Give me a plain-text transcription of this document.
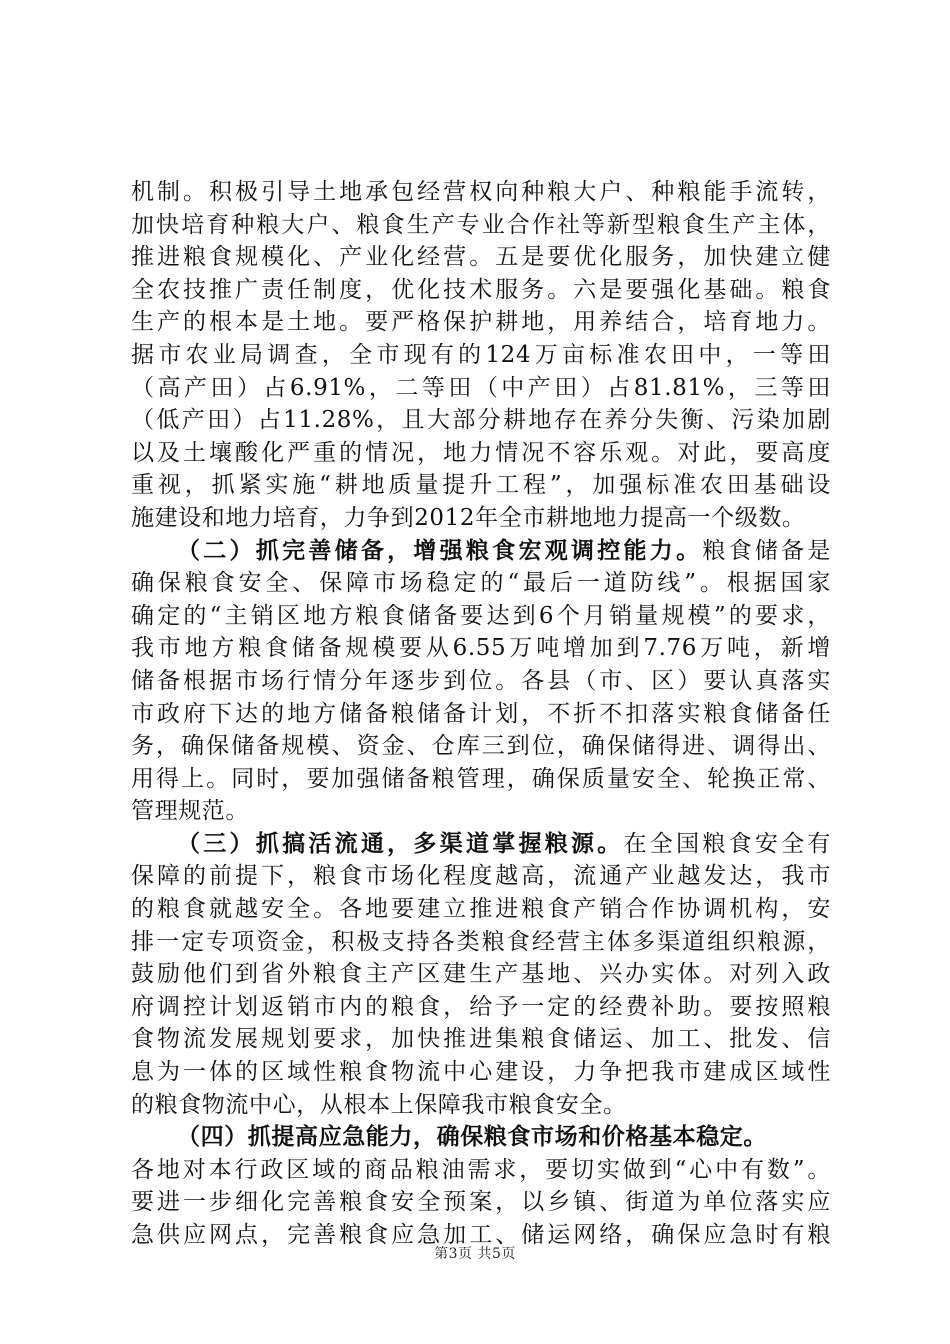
机制。积极引导土地承包经营权向种粮大户、种粮能手流转，
加快培育种粮大户、粮食生产专业合作社等新型粮食生产主体，
推进粮食规模化、产业化经营。五是要优化服务，加快建立健
全农技推广责任制度，优化技术服务。六是要强化基础。粮食
生产的根本是土地。要严格保护耕地，用养结合，培育地力。
据市农业局调查，全市现有的124万亩标准农田中，一等田
（高产田）占6.91%，二等田（中产田）占81.81%，三等田
（低产田）占11.28%，且大部分耕地存在养分失衡、污染加剧
以及土壤酸化严重的情况，地力情况不容乐观。对此，要高度
重视，抓紧实施“耕地质量提升工程”，加强标准农田基础设
施建设和地力培育，力争到2012年全市耕地地力提高一个级数。
（二）抓完善储备，增强粮食宏观调控能力。粮食储备是
确保粮食安全、保障市场稳定的“最后一道防线”。根据国家
确定的“主销区地方粮食储备要达到6个月销量规模”的要求，
我市地方粮食储备规模要从6.55万吨增加到7.76万吨，新增
储备根据市场行情分年逐步到位。各县（市、区）要认真落实
市政府下达的地方储备粮储备计划，不折不扣落实粮食储备任
务，确保储备规模、资金、仓库三到位，确保储得进、调得出、
用得上。同时，要加强储备粮管理，确保质量安全、轮换正常、
管理规范。
（三）抓搞活流通，多渠道掌握粮源。在全国粮食安全有
保障的前提下，粮食市场化程度越高，流通产业越发达，我市
的粮食就越安全。各地要建立推进粮食产销合作协调机构，安
排一定专项资金，积极支持各类粮食经营主体多渠道组织粮源，
鼓励他们到省外粮食主产区建生产基地、兴办实体。对列入政
府调控计划返销市内的粮食，给予一定的经费补助。要按照粮
食物流发展规划要求，加快推进集粮食储运、加工、批发、信
息为一体的区域性粮食物流中心建设，力争把我市建成区域性
的粮食物流中心，从根本上保障我市粮食安全。
（四）抓提高应急能力，确保粮食市场和价格基本稳定。
各地对本行政区域的商品粮油需求，要切实做到“心中有数”。
要进一步细化完善粮食安全预案，以乡镇、街道为单位落实应
急供应网点，完善粮食应急加工、储运网络，确保应急时有粮
第3页 共5页
